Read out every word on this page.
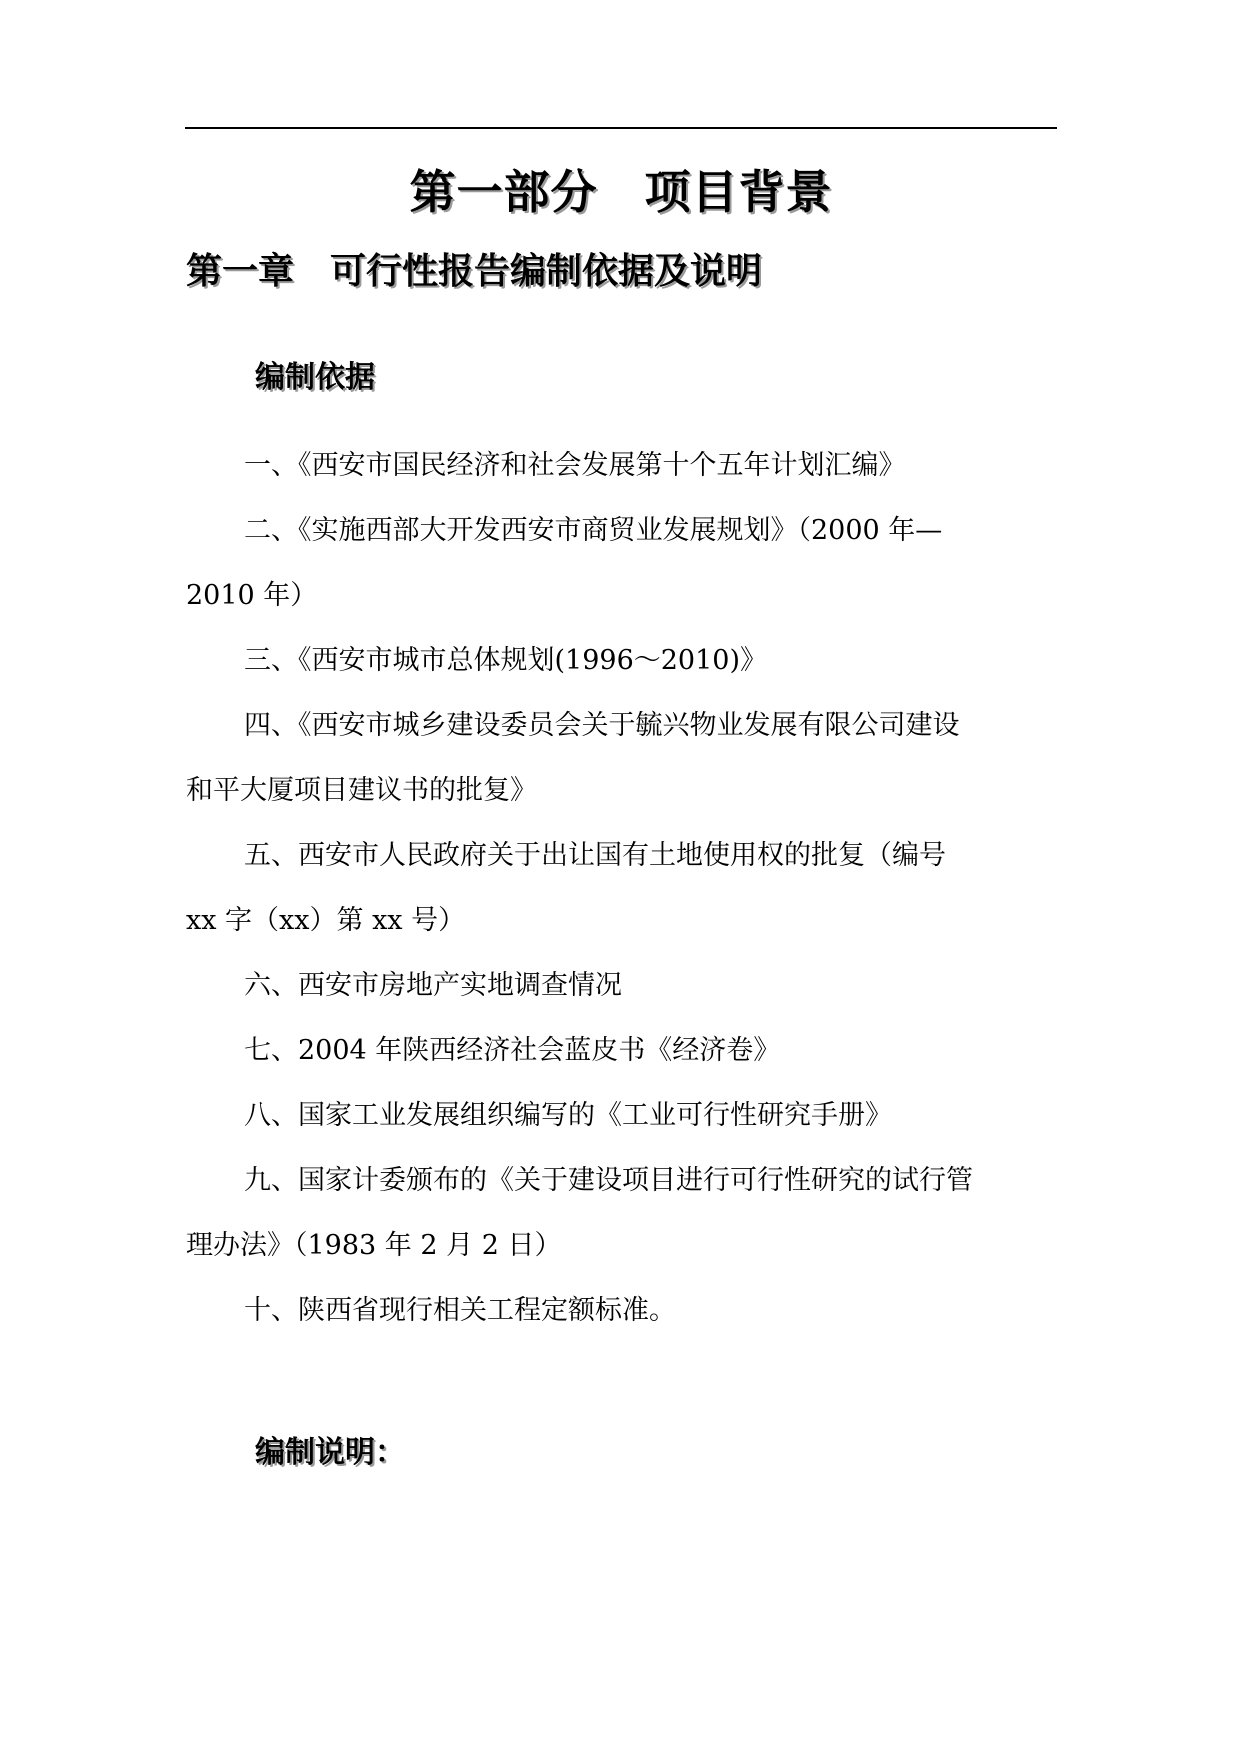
第一部分　项目背景
第一章　可行性报告编制依据及说明
编制依据
一、《西安市国民经济和社会发展第十个五年计划汇编》
二、《实施西部大开发西安市商贸业发展规划》（2000 年—2010 年）
三、《西安市城市总体规划(1996～2010)》
四、《西安市城乡建设委员会关于毓兴物业发展有限公司建设和平大厦项目建议书的批复》
五、西安市人民政府关于出让国有土地使用权的批复（编号 xx 字（xx）第 xx 号）
六、西安市房地产实地调查情况
七、2004 年陕西经济社会蓝皮书《经济卷》
八、国家工业发展组织编写的《工业可行性研究手册》
九、国家计委颁布的《关于建设项目进行可行性研究的试行管理办法》（1983 年 2 月 2 日）
十、陕西省现行相关工程定额标准。
编制说明：
